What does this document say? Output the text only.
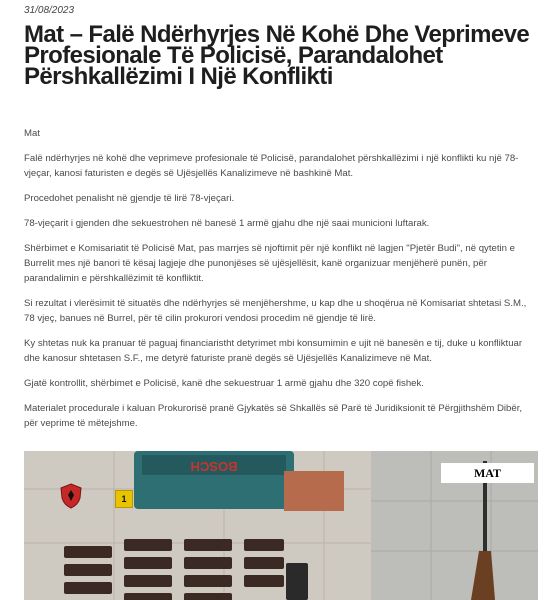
31/08/2023
Mat – Falë Ndërhyrjes Në Kohë Dhe Veprimeve Profesionale Të Policisë, Parandalohet Përshkallëzimi I Një Konflikti

Mat

Falë ndërhyrjes në kohë dhe veprimeve profesionale të Policisë, parandalohet përshkallëzimi i një konflikti ku një 78-vjeçar, kanosi faturisten e degës së Ujësjellës Kanalizimeve në bashkinë Mat.

Procedohet penalisht në gjendje të lirë 78-vjeçari.

78-vjeçarit i gjenden dhe sekuestrohen në banesë 1 armë gjahu dhe një saai municioni luftarak.

Shërbimet e Komisariatit të Policisë Mat, pas marrjes së njoftimit për një konflikt në lagjen "Pjetër Budi", në qytetin e Burrelit mes një banori të kësaj lagjeje dhe punonjëses së ujësjellësit, kanë organizuar menjëherë punën, për parandalimin e përshkallëzimit të konfliktit.

Si rezultat i vlerësimit të situatës dhe ndërhyrjes së menjëhershme, u kap dhe u shoqërua në Komisariat shtetasi S.M., 78 vjeç, banues në Burrel, për të cilin prokurori vendosi procedim në gjendje të lirë.

Ky shtetas nuk ka pranuar të paguaj financiaristht detyrimet mbi konsumimin e ujit në banesën e tij, duke u konfliktuar dhe kanosur shtetasen S.F., me detyrë faturiste pranë degës së Ujësjellës Kanalizimeve në Mat.

Gjatë kontrollit, shërbimet e Policisë, kanë dhe sekuestruar 1 armë gjahu dhe 320 copë fishek.

Materialet procedurale i kaluan Prokurorisë pranë Gjykatës së Shkallës së Parë të Juridiksionit të Përgjithshëm Dibër, për veprime të mëtejshme.

BOSCH
1
MAT
